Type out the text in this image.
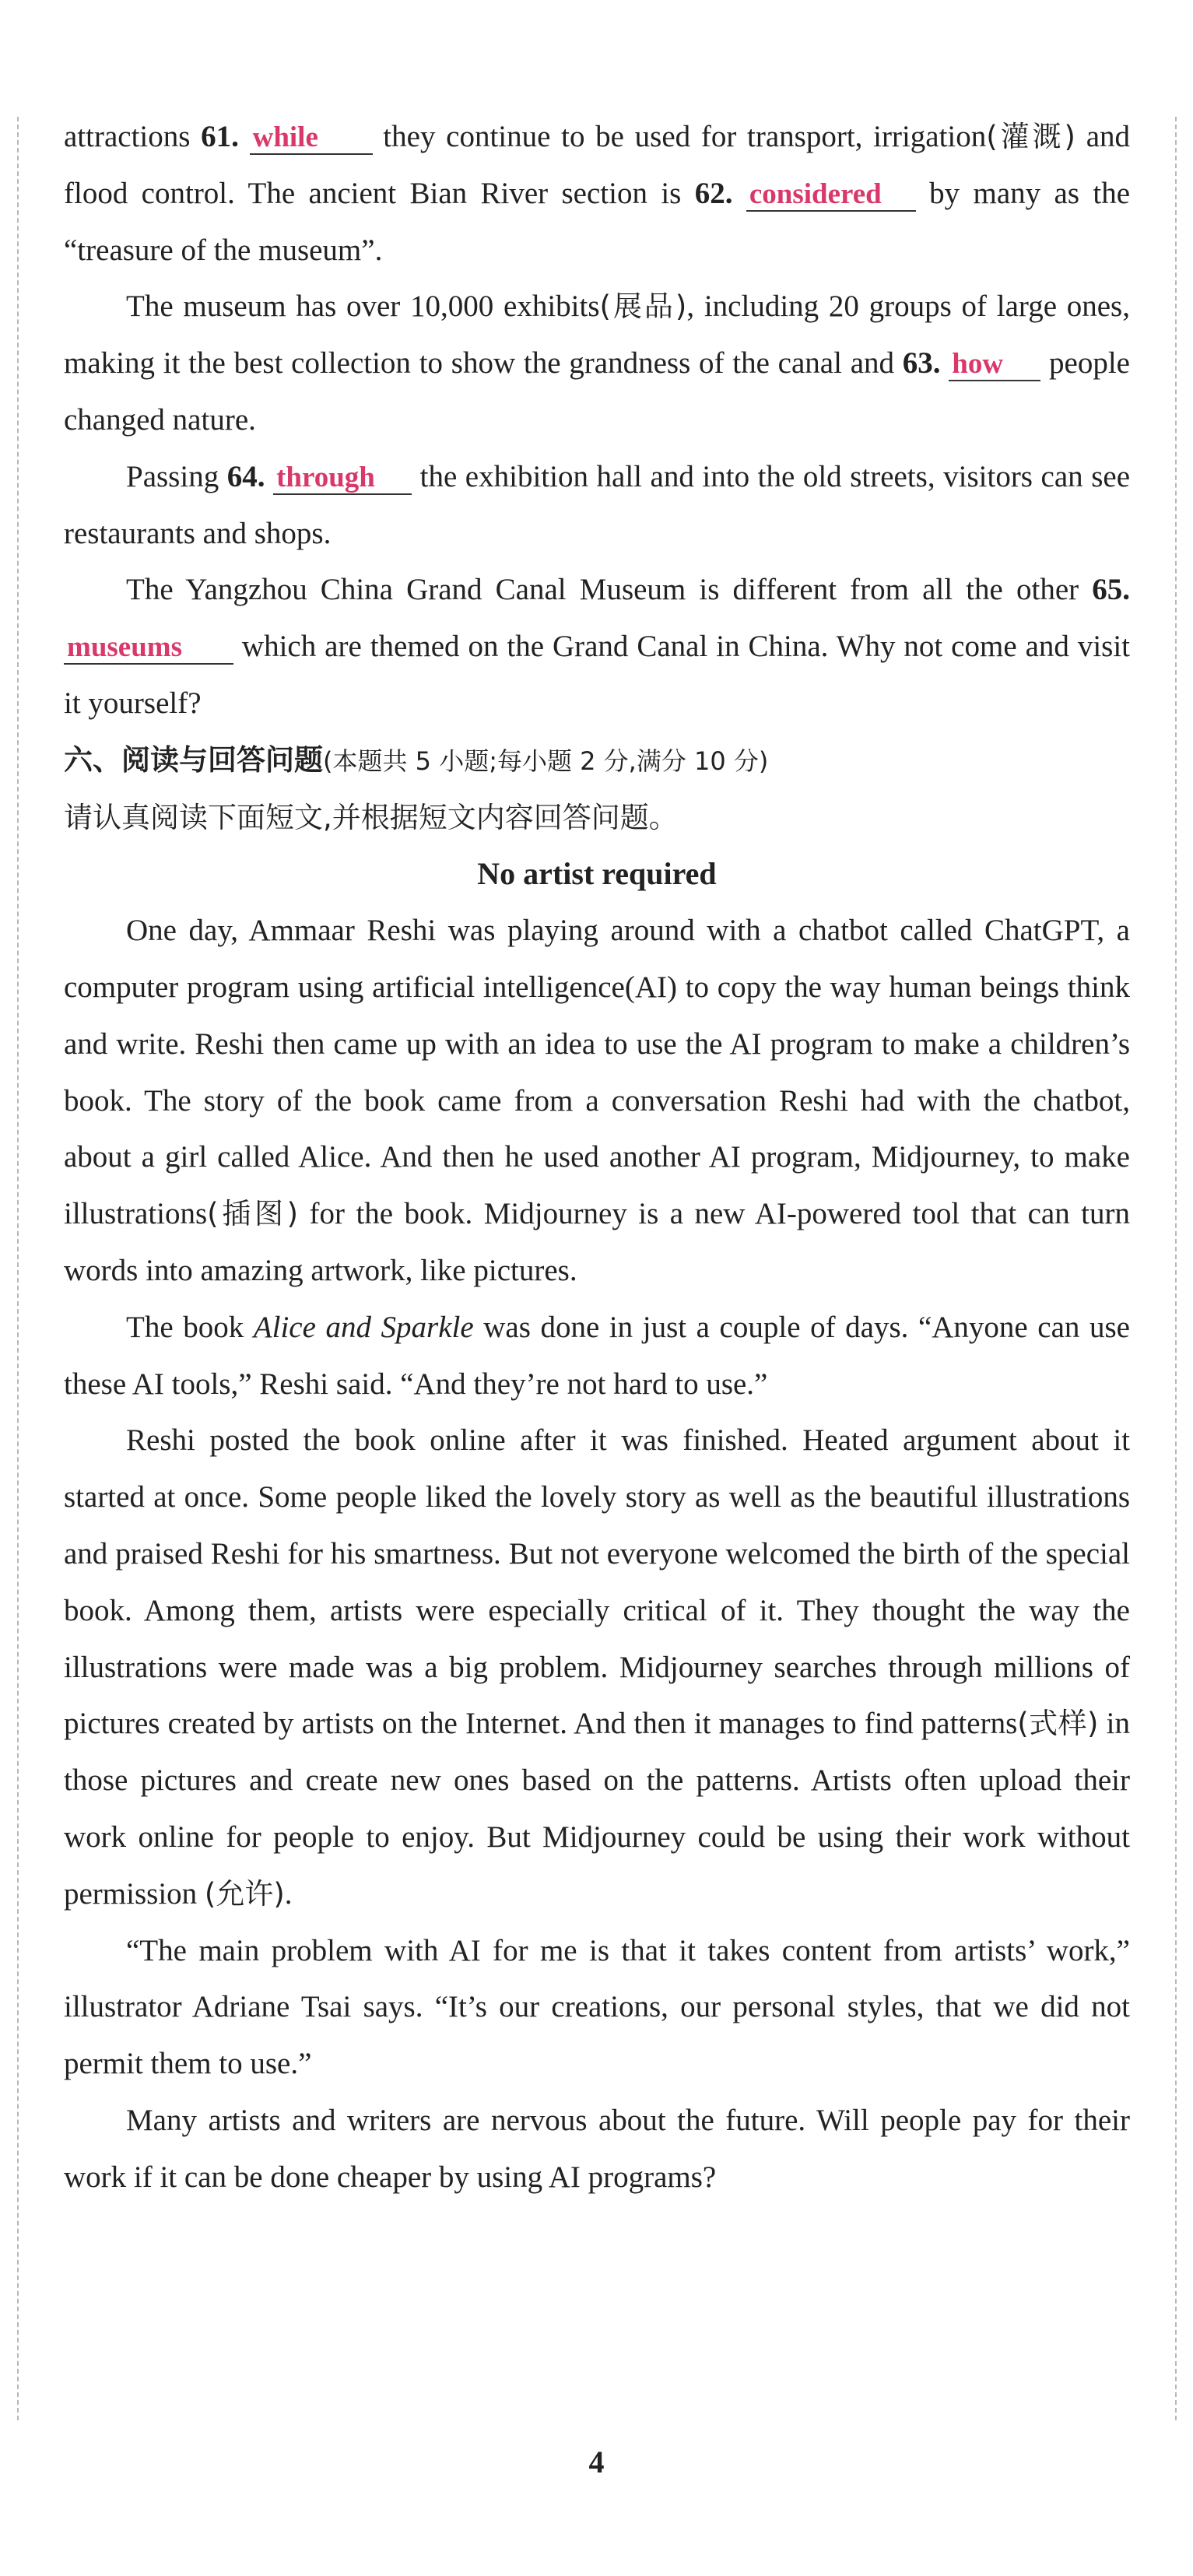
attractions 61. while they continue to be used for transport, irrigation(灌溉) and flood control. The ancient Bian River section is 62. considered by many as the “treasure of the museum”.

The museum has over 10,000 exhibits(展品), including 20 groups of large ones, making it the best collection to show the grandness of the canal and 63. how people changed nature.

Passing 64. through the exhibition hall and into the old streets, visitors can see restaurants and shops.

The Yangzhou China Grand Canal Museum is different from all the other 65. museums which are themed on the Grand Canal in China. Why not come and visit it yourself?

六、阅读与回答问题(本题共 5 小题;每小题 2 分,满分 10 分)

请认真阅读下面短文,并根据短文内容回答问题。

No artist required

One day, Ammaar Reshi was playing around with a chatbot called ChatGPT, a computer program using artificial intelligence(AI) to copy the way human beings think and write. Reshi then came up with an idea to use the AI program to make a children’s book. The story of the book came from a conversation Reshi had with the chatbot, about a girl called Alice. And then he used another AI program, Midjourney, to make illustrations(插图) for the book. Midjourney is a new AI-powered tool that can turn words into amazing artwork, like pictures.

The book Alice and Sparkle was done in just a couple of days. “Anyone can use these AI tools,” Reshi said. “And they’re not hard to use.”

Reshi posted the book online after it was finished. Heated argument about it started at once. Some people liked the lovely story as well as the beautiful illustrations and praised Reshi for his smartness. But not everyone welcomed the birth of the special book. Among them, artists were especially critical of it. They thought the way the illustrations were made was a big problem. Midjourney searches through millions of pictures created by artists on the Internet. And then it manages to find patterns(式样) in those pictures and create new ones based on the patterns. Artists often upload their work online for people to enjoy. But Midjourney could be using their work without permission (允许).

“The main problem with AI for me is that it takes content from artists’ work,” illustrator Adriane Tsai says. “It’s our creations, our personal styles, that we did not permit them to use.”

Many artists and writers are nervous about the future. Will people pay for their work if it can be done cheaper by using AI programs?

4
